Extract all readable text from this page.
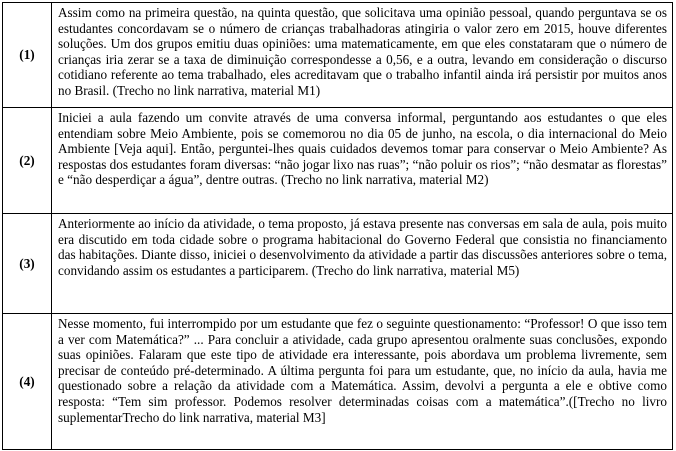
(1)	Assim como na primeira questão, na quinta questão, que solicitava uma opinião pessoal, quando perguntava se os estudantes concordavam se o número de crianças trabalhadoras atingiria o valor zero em 2015, houve diferentes soluções. Um dos grupos emitiu duas opiniões: uma matematicamente, em que eles constataram que o número de crianças iria zerar se a taxa de diminuição correspondesse a 0,56, e a outra, levando em consideração o discurso cotidiano referente ao tema trabalhado, eles acreditavam que o trabalho infantil ainda irá persistir por muitos anos no Brasil. (Trecho no link narrativa, material M1)
(2)	Iniciei a aula fazendo um convite através de uma conversa informal, perguntando aos estudantes o que eles entendiam sobre Meio Ambiente, pois se comemorou no dia 05 de junho, na escola, o dia internacional do Meio Ambiente [Veja aqui]. Então, perguntei-lhes quais cuidados devemos tomar para conservar o Meio Ambiente? As respostas dos estudantes foram diversas: “não jogar lixo nas ruas”; “não poluir os rios”; “não desmatar as florestas” e “não desperdiçar a água”, dentre outras. (Trecho no link narrativa, material M2)
(3)	Anteriormente ao início da atividade, o tema proposto, já estava presente nas conversas em sala de aula, pois muito era discutido em toda cidade sobre o programa habitacional do Governo Federal que consistia no financiamento das habitações. Diante disso, iniciei o desenvolvimento da atividade a partir das discussões anteriores sobre o tema, convidando assim os estudantes a participarem. (Trecho do link narrativa, material M5)
(4)	Nesse momento, fui interrompido por um estudante que fez o seguinte questionamento: “Professor! O que isso tem a ver com Matemática?” ... Para concluir a atividade, cada grupo apresentou oralmente suas conclusões, expondo suas opiniões. Falaram que este tipo de atividade era interessante, pois abordava um problema livremente, sem precisar de conteúdo pré-determinado. A última pergunta foi para um estudante, que, no início da aula, havia me questionado sobre a relação da atividade com a Matemática. Assim, devolvi a pergunta a ele e obtive como resposta: “Tem sim professor. Podemos resolver determinadas coisas com a matemática”.([Trecho no livro suplementarTrecho do link narrativa, material M3]
